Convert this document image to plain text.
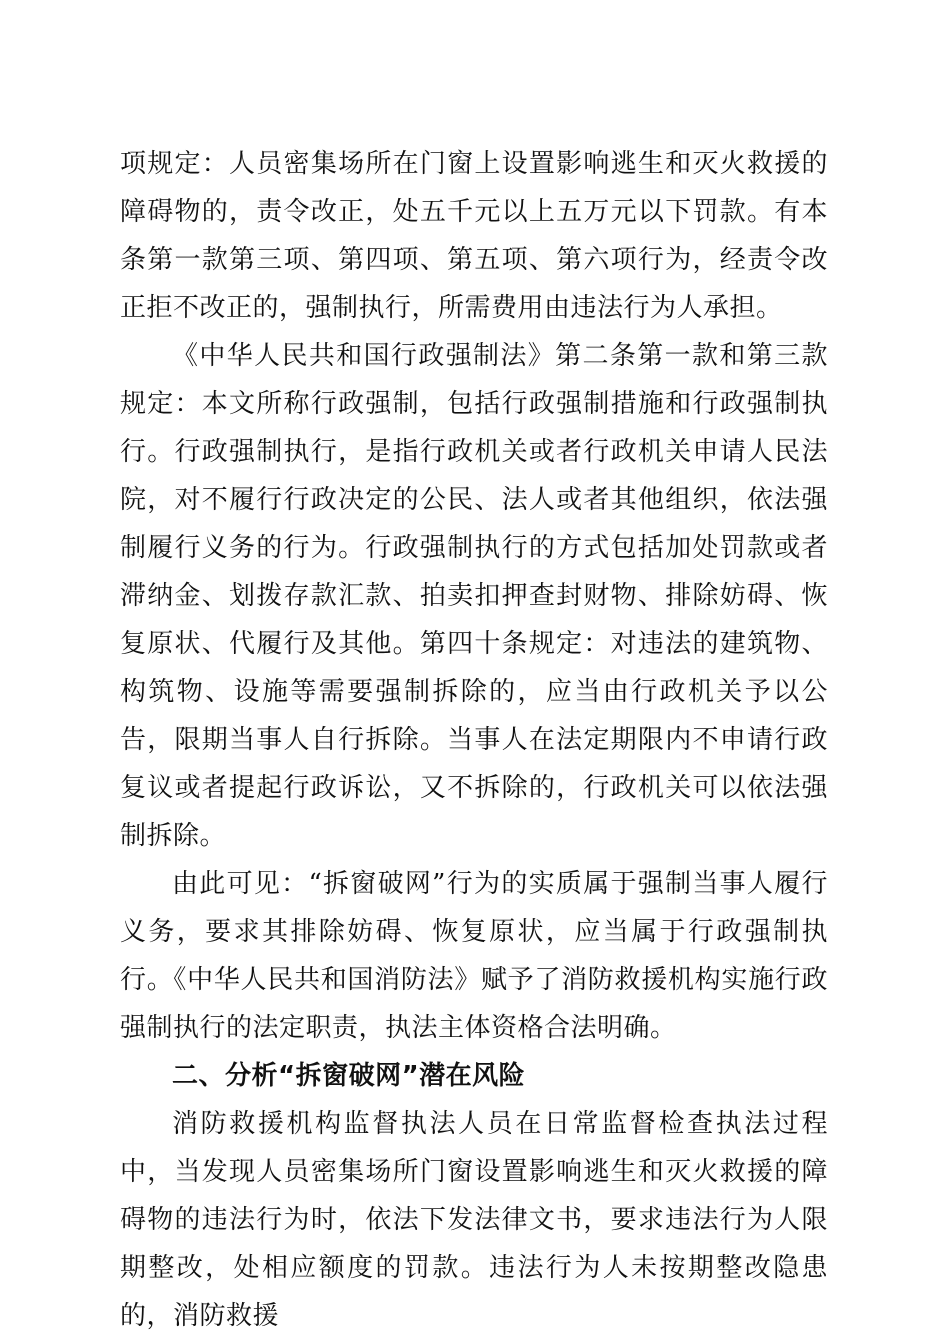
项规定：人员密集场所在门窗上设置影响逃生和灭火救援的障碍物的，责令改正，处五千元以上五万元以下罚款。有本条第一款第三项、第四项、第五项、第六项行为，经责令改正拒不改正的，强制执行，所需费用由违法行为人承担。

《中华人民共和国行政强制法》第二条第一款和第三款规定：本文所称行政强制，包括行政强制措施和行政强制执行。行政强制执行，是指行政机关或者行政机关申请人民法院，对不履行行政决定的公民、法人或者其他组织，依法强制履行义务的行为。行政强制执行的方式包括加处罚款或者滞纳金、划拨存款汇款、拍卖扣押查封财物、排除妨碍、恢复原状、代履行及其他。第四十条规定：对违法的建筑物、构筑物、设施等需要强制拆除的，应当由行政机关予以公告，限期当事人自行拆除。当事人在法定期限内不申请行政复议或者提起行政诉讼，又不拆除的，行政机关可以依法强制拆除。

由此可见：“拆窗破网”行为的实质属于强制当事人履行义务，要求其排除妨碍、恢复原状，应当属于行政强制执行。《中华人民共和国消防法》赋予了消防救援机构实施行政强制执行的法定职责，执法主体资格合法明确。

二、分析“拆窗破网”潜在风险

消防救援机构监督执法人员在日常监督检查执法过程中，当发现人员密集场所门窗设置影响逃生和灭火救援的障碍物的违法行为时，依法下发法律文书，要求违法行为人限期整改，处相应额度的罚款。违法行为人未按期整改隐患的，消防救援
